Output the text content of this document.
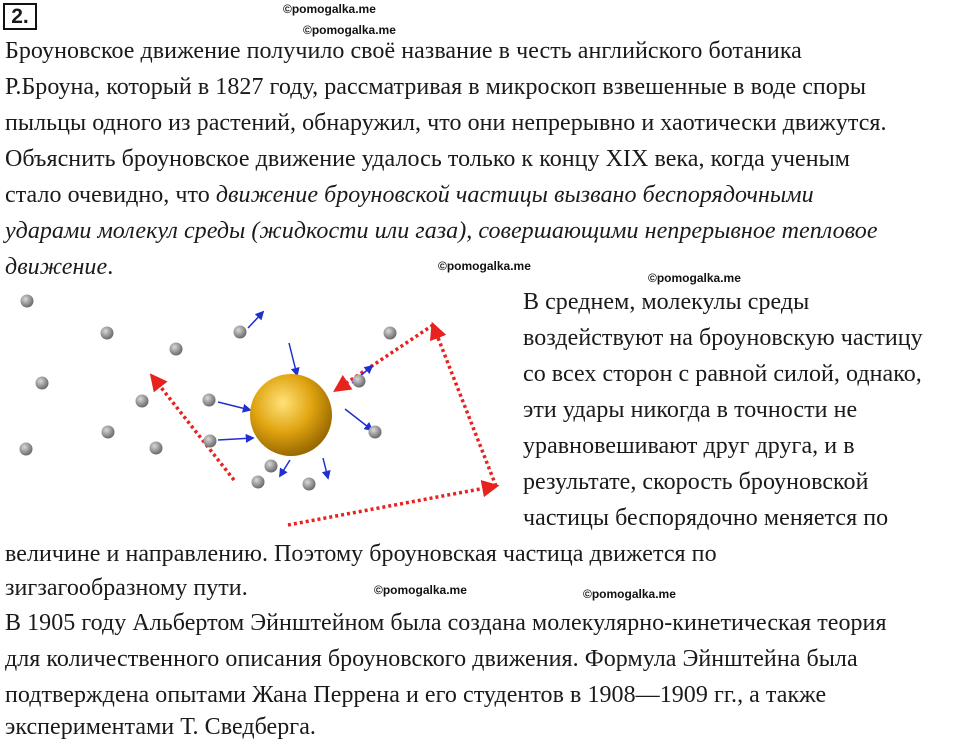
2.	©pomogalka.me
©pomogalka.me
©pomogalka.me
©pomogalka.me
©pomogalka.me	©pomogalka.me
Броуновское движение получило своё название в честь английского ботаника
Р.Броуна, который в 1827 году, рассматривая в микроскоп взвешенные в воде споры
пыльцы одного из растений, обнаружил, что они непрерывно и хаотически движутся.
Объяснить броуновское движение удалось только к концу XIX века, когда ученым
стало очевидно, что движение броуновской частицы вызвано беспорядочными
ударами молекул среды (жидкости или газа), совершающими непрерывное тепловое
движение.
В среднем, молекулы среды
воздействуют на броуновскую частицу
со всех сторон с равной силой, однако,
эти удары никогда в точности не
уравновешивают друг друга, и в
результате, скорость броуновской
частицы беспорядочно меняется по
величине и направлению. Поэтому броуновская частица движется по
зигзагообразному пути.
В 1905 году Альбертом Эйнштейном была создана молекулярно-кинетическая теория
для количественного описания броуновского движения. Формула Эйнштейна была
подтверждена опытами Жана Перрена и его студентов в 1908—1909 гг., а также
экспериментами Т. Сведберга.
